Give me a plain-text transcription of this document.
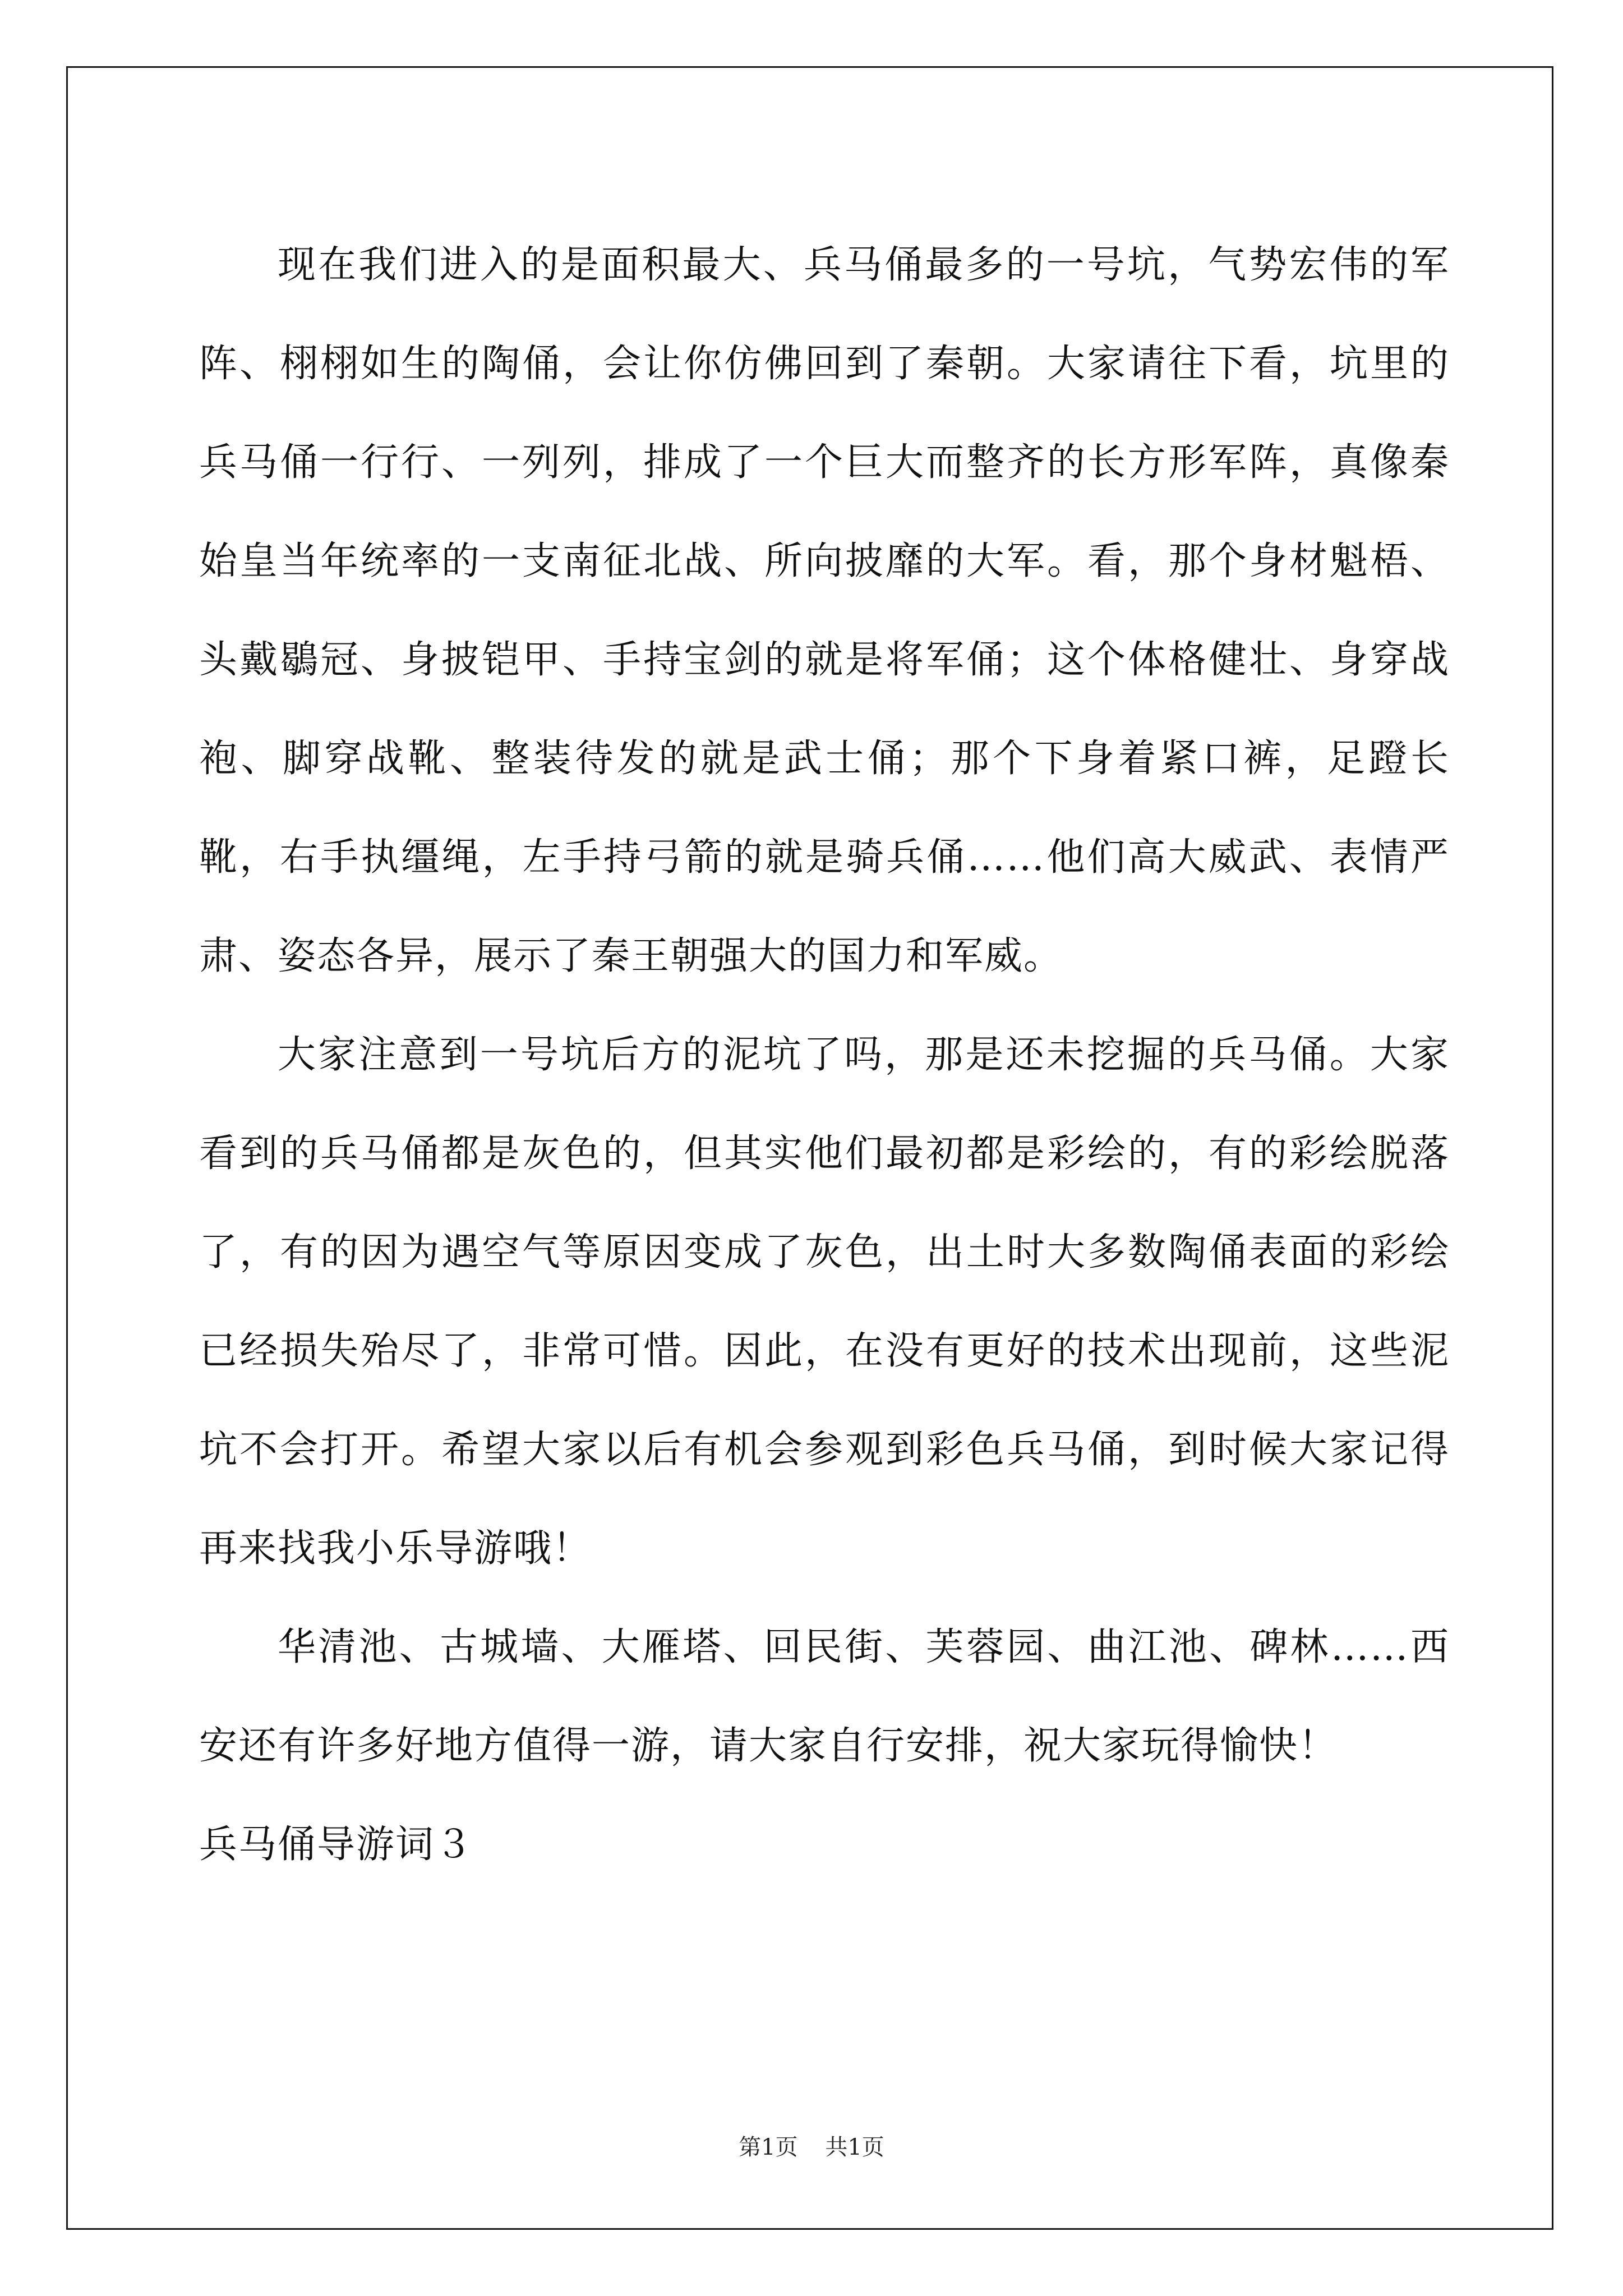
现在我们进入的是面积最大、兵马俑最多的一号坑，气势宏伟的军阵、栩栩如生的陶俑，会让你仿佛回到了秦朝。大家请往下看，坑里的兵马俑一行行、一列列，排成了一个巨大而整齐的长方形军阵，真像秦始皇当年统率的一支南征北战、所向披靡的大军。看，那个身材魁梧、头戴鶡冠、身披铠甲、手持宝剑的就是将军俑；这个体格健壮、身穿战袍、脚穿战靴、整装待发的就是武士俑；那个下身着紧口裤，足蹬长靴，右手执缰绳，左手持弓箭的就是骑兵俑……他们高大威武、表情严肃、姿态各异，展示了秦王朝强大的国力和军威。

大家注意到一号坑后方的泥坑了吗，那是还未挖掘的兵马俑。大家看到的兵马俑都是灰色的，但其实他们最初都是彩绘的，有的彩绘脱落了，有的因为遇空气等原因变成了灰色，出土时大多数陶俑表面的彩绘已经损失殆尽了，非常可惜。因此，在没有更好的技术出现前，这些泥坑不会打开。希望大家以后有机会参观到彩色兵马俑，到时候大家记得再来找我小乐导游哦！

华清池、古城墙、大雁塔、回民街、芙蓉园、曲江池、碑林……西安还有许多好地方值得一游，请大家自行安排，祝大家玩得愉快！

兵马俑导游词３

第1页 共1页
